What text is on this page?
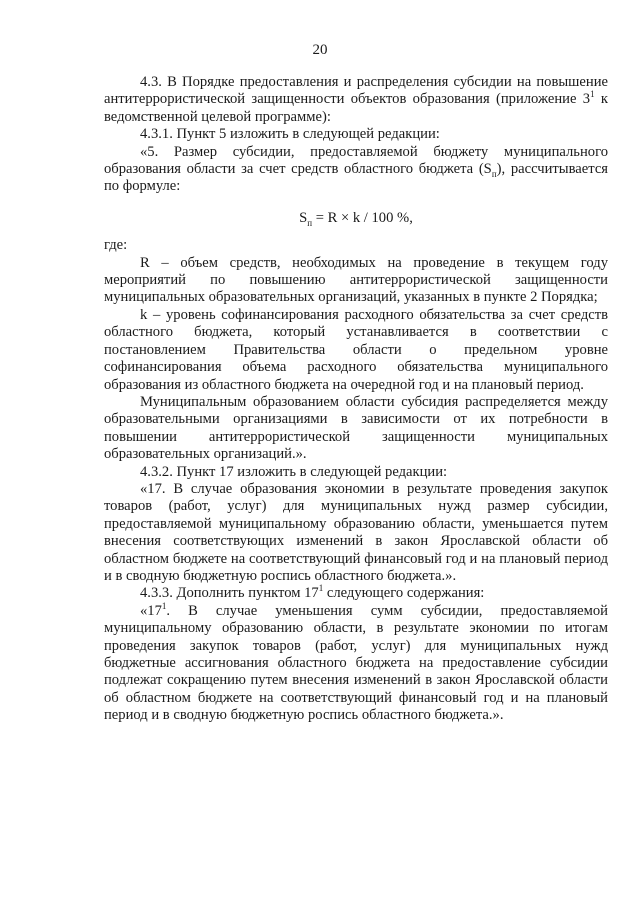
20

4.3. В Порядке предоставления и распределения субсидии на повышение антитеррористической защищенности объектов образования (приложение $3^1$ к ведомственной целевой программе):

4.3.1. Пункт 5 изложить в следующей редакции:

«5. Размер субсидии, предоставляемой бюджету муниципального образования области за счет средств областного бюджета $(S_п)$, рассчитывается по формуле:

$S_п = R \times k / 100$ %,

где:

R – объем средств, необходимых на проведение в текущем году мероприятий по повышению антитеррористической защищенности муниципальных образовательных организаций, указанных в пункте 2 Порядка;

k – уровень софинансирования расходного обязательства за счет средств областного бюджета, который устанавливается в соответствии с постановлением Правительства области о предельном уровне софинансирования объема расходного обязательства муниципального образования из областного бюджета на очередной год и на плановый период.

Муниципальным образованием области субсидия распределяется между образовательными организациями в зависимости от их потребности в повышении антитеррористической защищенности муниципальных образовательных организаций.».

4.3.2. Пункт 17 изложить в следующей редакции:

«17. В случае образования экономии в результате проведения закупок товаров (работ, услуг) для муниципальных нужд размер субсидии, предоставляемой муниципальному образованию области, уменьшается путем внесения соответствующих изменений в закон Ярославской области об областном бюджете на соответствующий финансовый год и на плановый период и в сводную бюджетную роспись областного бюджета.».

4.3.3. Дополнить пунктом $17^1$ следующего содержания:

«$17^1$. В случае уменьшения сумм субсидии, предоставляемой муниципальному образованию области, в результате экономии по итогам проведения закупок товаров (работ, услуг) для муниципальных нужд бюджетные ассигнования областного бюджета на предоставление субсидии подлежат сокращению путем внесения изменений в закон Ярославской области об областном бюджете на соответствующий финансовый год и на плановый период и в сводную бюджетную роспись областного бюджета.».
